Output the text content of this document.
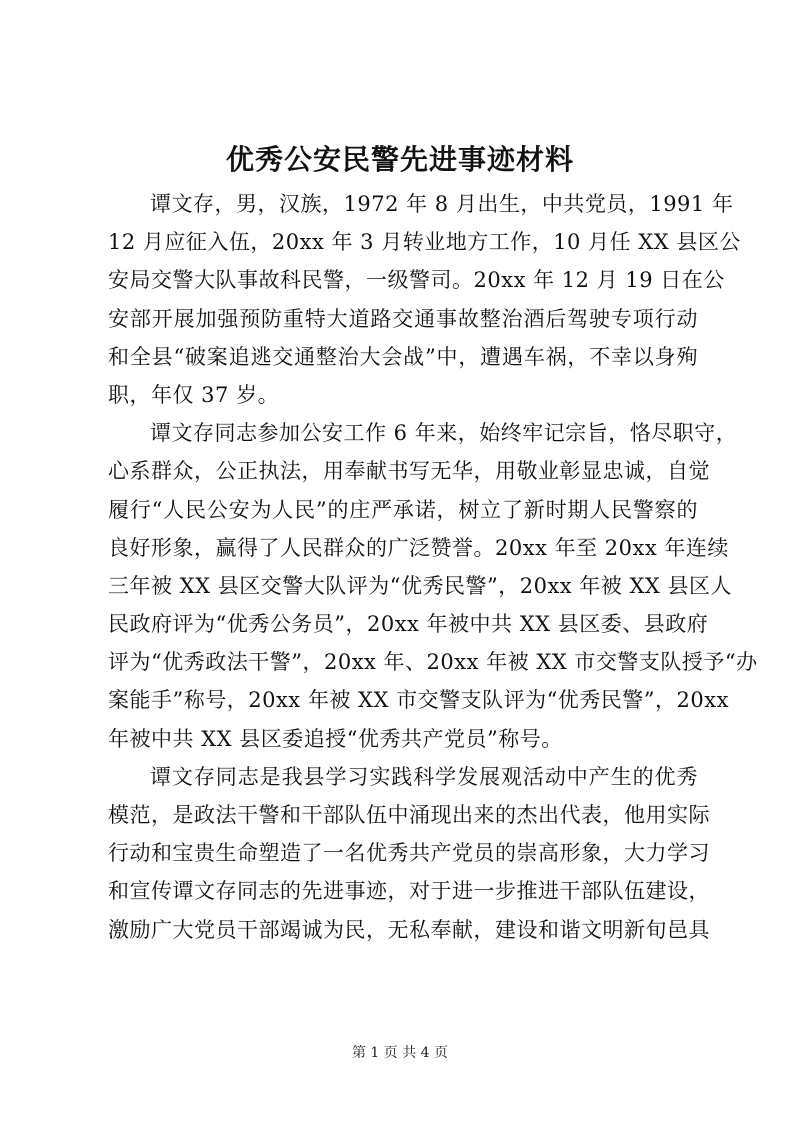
优秀公安民警先进事迹材料
谭文存，男，汉族，1972 年 8 月出生，中共党员，1991 年
12 月应征入伍，20xx 年 3 月转业地方工作，10 月任 XX 县区公
安局交警大队事故科民警，一级警司。20xx 年 12 月 19 日在公
安部开展加强预防重特大道路交通事故整治酒后驾驶专项行动
和全县“破案追逃交通整治大会战”中，遭遇车祸，不幸以身殉
职，年仅 37 岁。
谭文存同志参加公安工作 6 年来，始终牢记宗旨，恪尽职守，
心系群众，公正执法，用奉献书写无华，用敬业彰显忠诚，自觉
履行“人民公安为人民”的庄严承诺，树立了新时期人民警察的
良好形象，赢得了人民群众的广泛赞誉。20xx 年至 20xx 年连续
三年被 XX 县区交警大队评为“优秀民警”，20xx 年被 XX 县区人
民政府评为“优秀公务员”，20xx 年被中共 XX 县区委、县政府
评为“优秀政法干警”，20xx 年、20xx 年被 XX 市交警支队授予“办
案能手”称号，20xx 年被 XX 市交警支队评为“优秀民警”，20xx
年被中共 XX 县区委追授“优秀共产党员”称号。
谭文存同志是我县学习实践科学发展观活动中产生的优秀
模范，是政法干警和干部队伍中涌现出来的杰出代表，他用实际
行动和宝贵生命塑造了一名优秀共产党员的崇高形象，大力学习
和宣传谭文存同志的先进事迹，对于进一步推进干部队伍建设，
激励广大党员干部竭诚为民，无私奉献，建设和谐文明新旬邑具
第 1 页 共 4 页
